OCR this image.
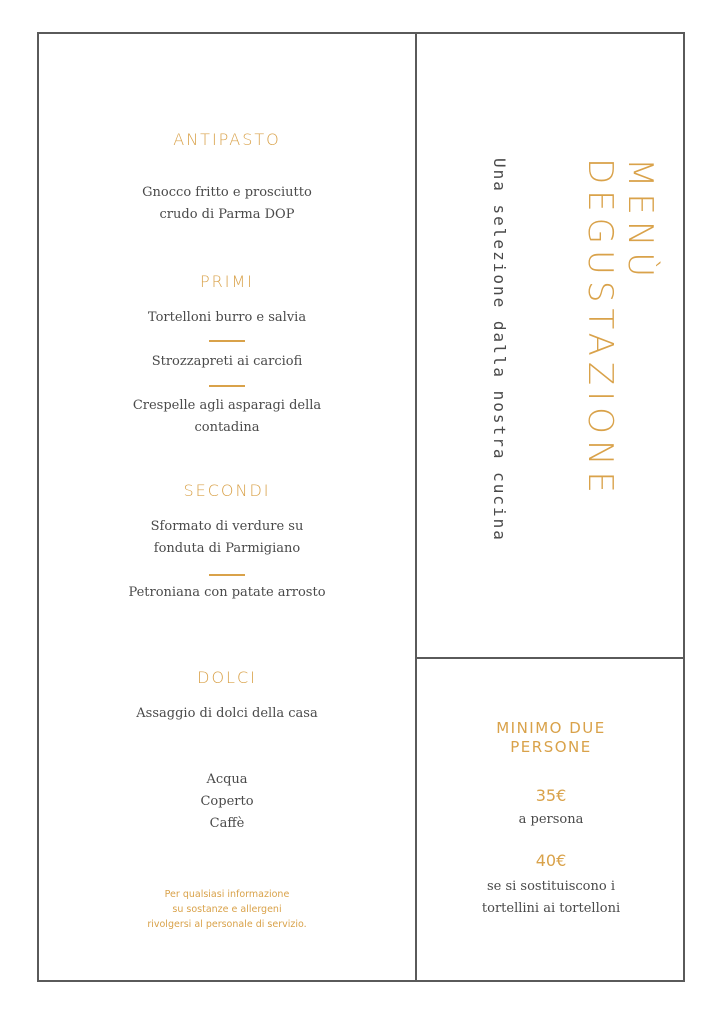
ANTIPASTO
Gnocco fritto e prosciutto
crudo di Parma DOP
PRIMI
Tortelloni burro e salvia
Strozzapreti ai carciofi
Crespelle agli asparagi della
contadina
SECONDI
Sformato di verdure su
fonduta di Parmigiano
Petroniana con patate arrosto
DOLCI
Assaggio di dolci della casa
Acqua
Coperto
Caffè
Per qualsiasi informazione
su sostanze e allergeni
rivolgersi al personale di servizio.
MENÙ
DEGUSTAZIONE
Una selezione dalla nostra cucina
MINIMO DUE
PERSONE
35€
a persona
40€
se si sostituiscono i
tortellini ai tortelloni
